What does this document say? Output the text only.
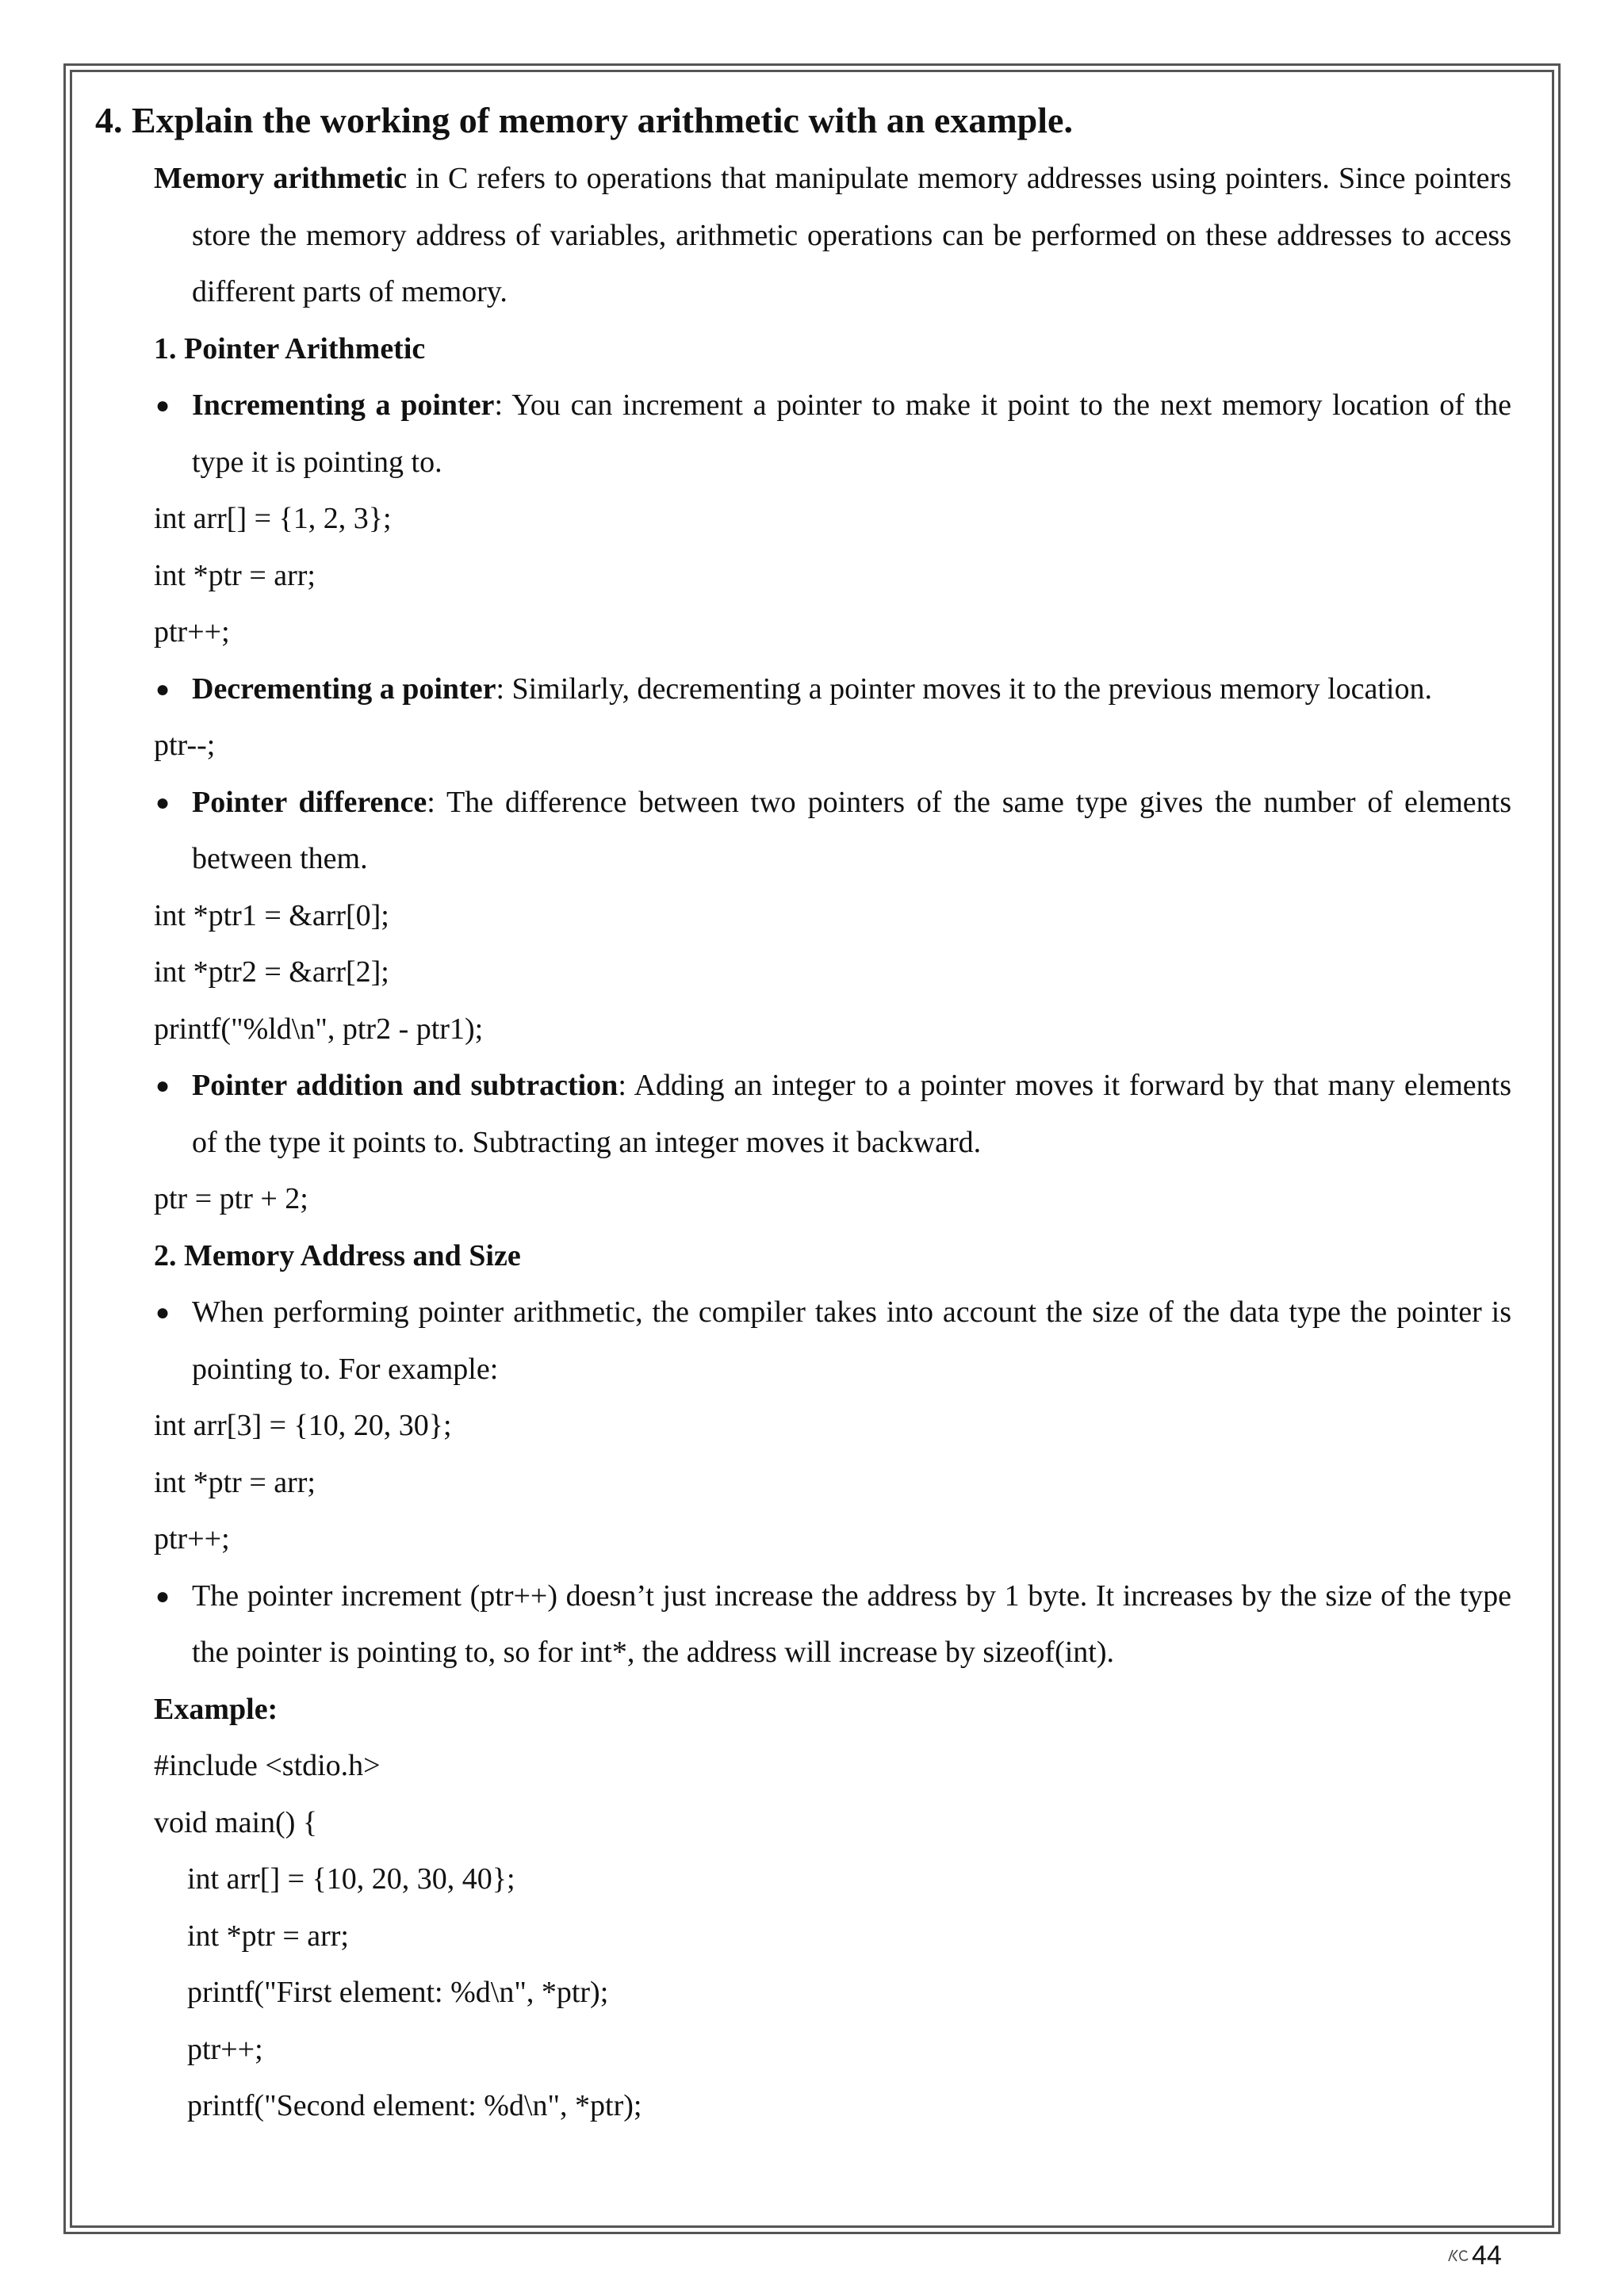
4. Explain the working of memory arithmetic with an example.

Memory arithmetic in C refers to operations that manipulate memory addresses using pointers. Since pointers store the memory address of variables, arithmetic operations can be performed on these addresses to access different parts of memory.

1. Pointer Arithmetic

● Incrementing a pointer: You can increment a pointer to make it point to the next memory location of the type it is pointing to.

int arr[] = {1, 2, 3};

int *ptr = arr;

ptr++;

● Decrementing a pointer: Similarly, decrementing a pointer moves it to the previous memory location.

ptr--;

● Pointer difference: The difference between two pointers of the same type gives the number of elements between them.

int *ptr1 = &arr[0];

int *ptr2 = &arr[2];

printf("%ld\n", ptr2 - ptr1);

● Pointer addition and subtraction: Adding an integer to a pointer moves it forward by that many elements of the type it points to. Subtracting an integer moves it backward.

ptr = ptr + 2;

2. Memory Address and Size

● When performing pointer arithmetic, the compiler takes into account the size of the data type the pointer is pointing to. For example:

int arr[3] = {10, 20, 30};

int *ptr = arr;

ptr++;

● The pointer increment (ptr++) doesn’t just increase the address by 1 byte. It increases by the size of the type the pointer is pointing to, so for int*, the address will increase by sizeof(int).

Example:

#include <stdio.h>

void main() {

int arr[] = {10, 20, 30, 40};

int *ptr = arr;

printf("First element: %d\n", *ptr);

ptr++;

printf("Second element: %d\n", *ptr);

44
